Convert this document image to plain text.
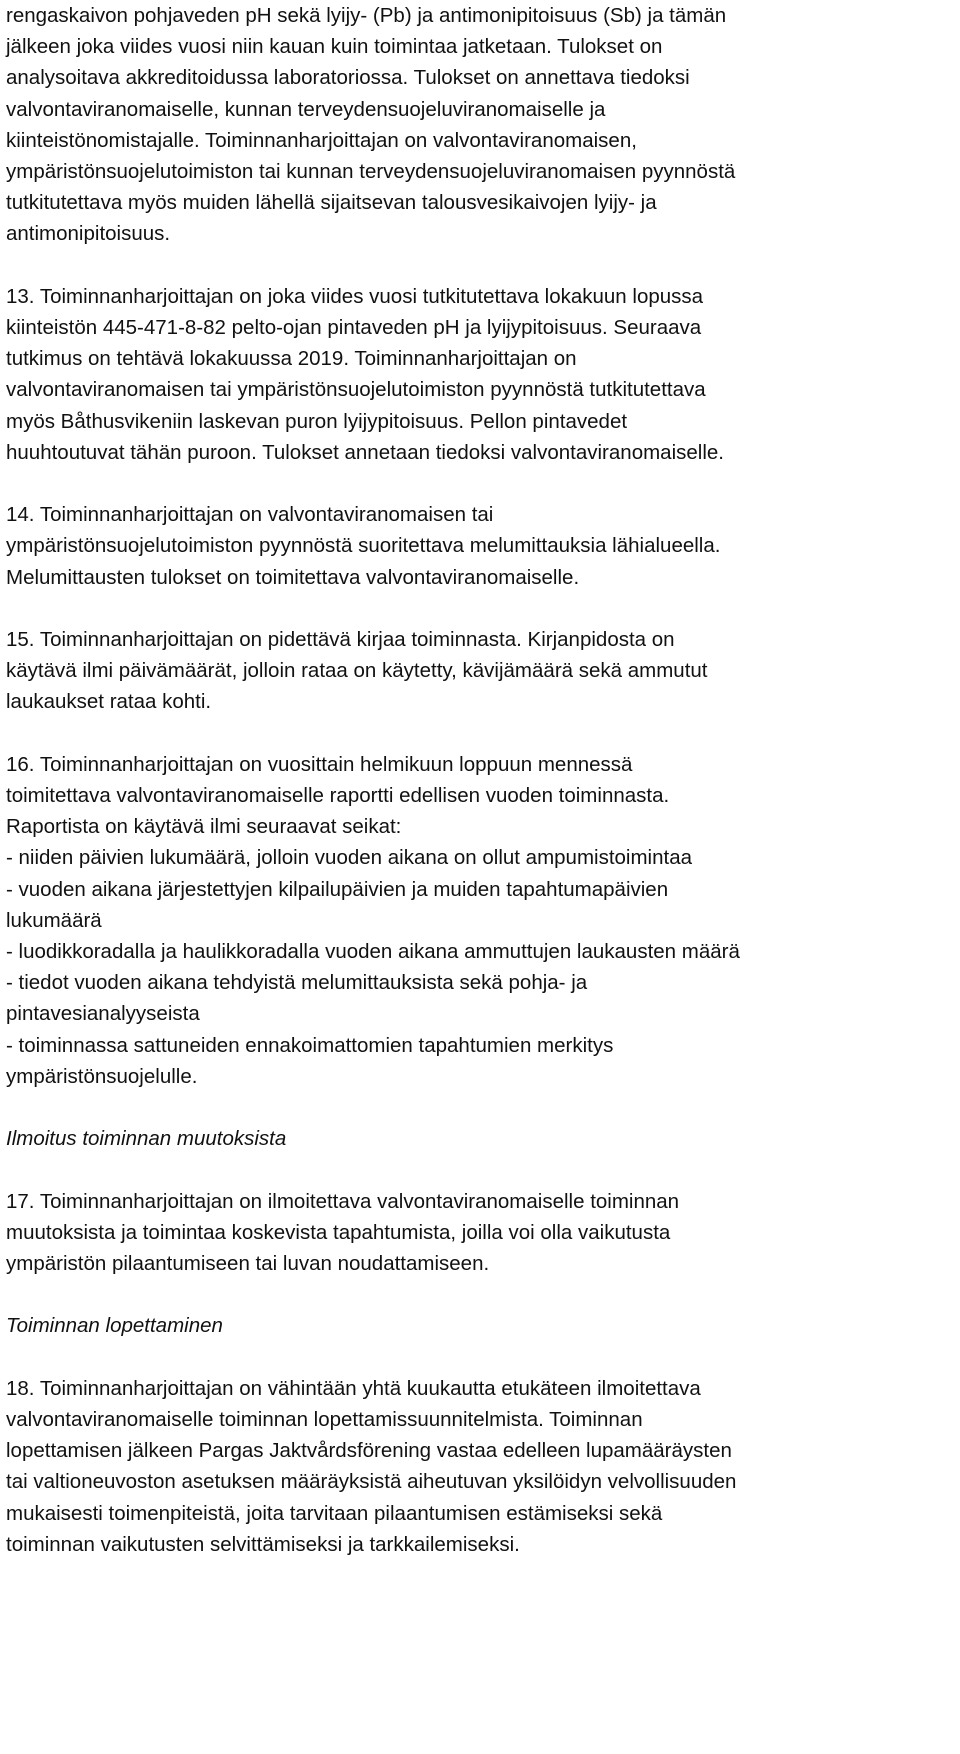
rengaskaivon pohjaveden pH sekä lyijy- (Pb) ja antimonipitoisuus (Sb) ja tämän
jälkeen joka viides vuosi niin kauan kuin toimintaa jatketaan. Tulokset on
analysoitava akkreditoidussa laboratoriossa. Tulokset on annettava tiedoksi
valvontaviranomaiselle, kunnan terveydensuojeluviranomaiselle ja
kiinteistönomistajalle. Toiminnanharjoittajan on valvontaviranomaisen,
ympäristönsuojelutoimiston tai kunnan terveydensuojeluviranomaisen pyynnöstä
tutkitutettava myös muiden lähellä sijaitsevan talousvesikaivojen lyijy- ja
antimonipitoisuus.

13. Toiminnanharjoittajan on joka viides vuosi tutkitutettava lokakuun lopussa
kiinteistön 445-471-8-82 pelto-ojan pintaveden pH ja lyijypitoisuus. Seuraava
tutkimus on tehtävä lokakuussa 2019. Toiminnanharjoittajan on
valvontaviranomaisen tai ympäristönsuojelutoimiston pyynnöstä tutkitutettava
myös Båthusvikeniin laskevan puron lyijypitoisuus. Pellon pintavedet
huuhtoutuvat tähän puroon. Tulokset annetaan tiedoksi valvontaviranomaiselle.

14. Toiminnanharjoittajan on valvontaviranomaisen tai
ympäristönsuojelutoimiston pyynnöstä suoritettava melumittauksia lähialueella.
Melumittausten tulokset on toimitettava valvontaviranomaiselle.

15. Toiminnanharjoittajan on pidettävä kirjaa toiminnasta. Kirjanpidosta on
käytävä ilmi päivämäärät, jolloin rataa on käytetty, kävijämäärä sekä ammutut
laukaukset rataa kohti.

16. Toiminnanharjoittajan on vuosittain helmikuun loppuun mennessä
toimitettava valvontaviranomaiselle raportti edellisen vuoden toiminnasta.
Raportista on käytävä ilmi seuraavat seikat:
- niiden päivien lukumäärä, jolloin vuoden aikana on ollut ampumistoimintaa
- vuoden aikana järjestettyjen kilpailupäivien ja muiden tapahtumapäivien
lukumäärä
- luodikkoradalla ja haulikkoradalla vuoden aikana ammuttujen laukausten määrä
- tiedot vuoden aikana tehdyistä melumittauksista sekä pohja- ja
pintavesianalyyseista
- toiminnassa sattuneiden ennakoimattomien tapahtumien merkitys
ympäristönsuojelulle.

Ilmoitus toiminnan muutoksista

17. Toiminnanharjoittajan on ilmoitettava valvontaviranomaiselle toiminnan
muutoksista ja toimintaa koskevista tapahtumista, joilla voi olla vaikutusta
ympäristön pilaantumiseen tai luvan noudattamiseen.

Toiminnan lopettaminen

18. Toiminnanharjoittajan on vähintään yhtä kuukautta etukäteen ilmoitettava
valvontaviranomaiselle toiminnan lopettamissuunnitelmista. Toiminnan
lopettamisen jälkeen Pargas Jaktvårdsförening vastaa edelleen lupamääräysten
tai valtioneuvoston asetuksen määräyksistä aiheutuvan yksilöidyn velvollisuuden
mukaisesti toimenpiteistä, joita tarvitaan pilaantumisen estämiseksi sekä
toiminnan vaikutusten selvittämiseksi ja tarkkailemiseksi.
